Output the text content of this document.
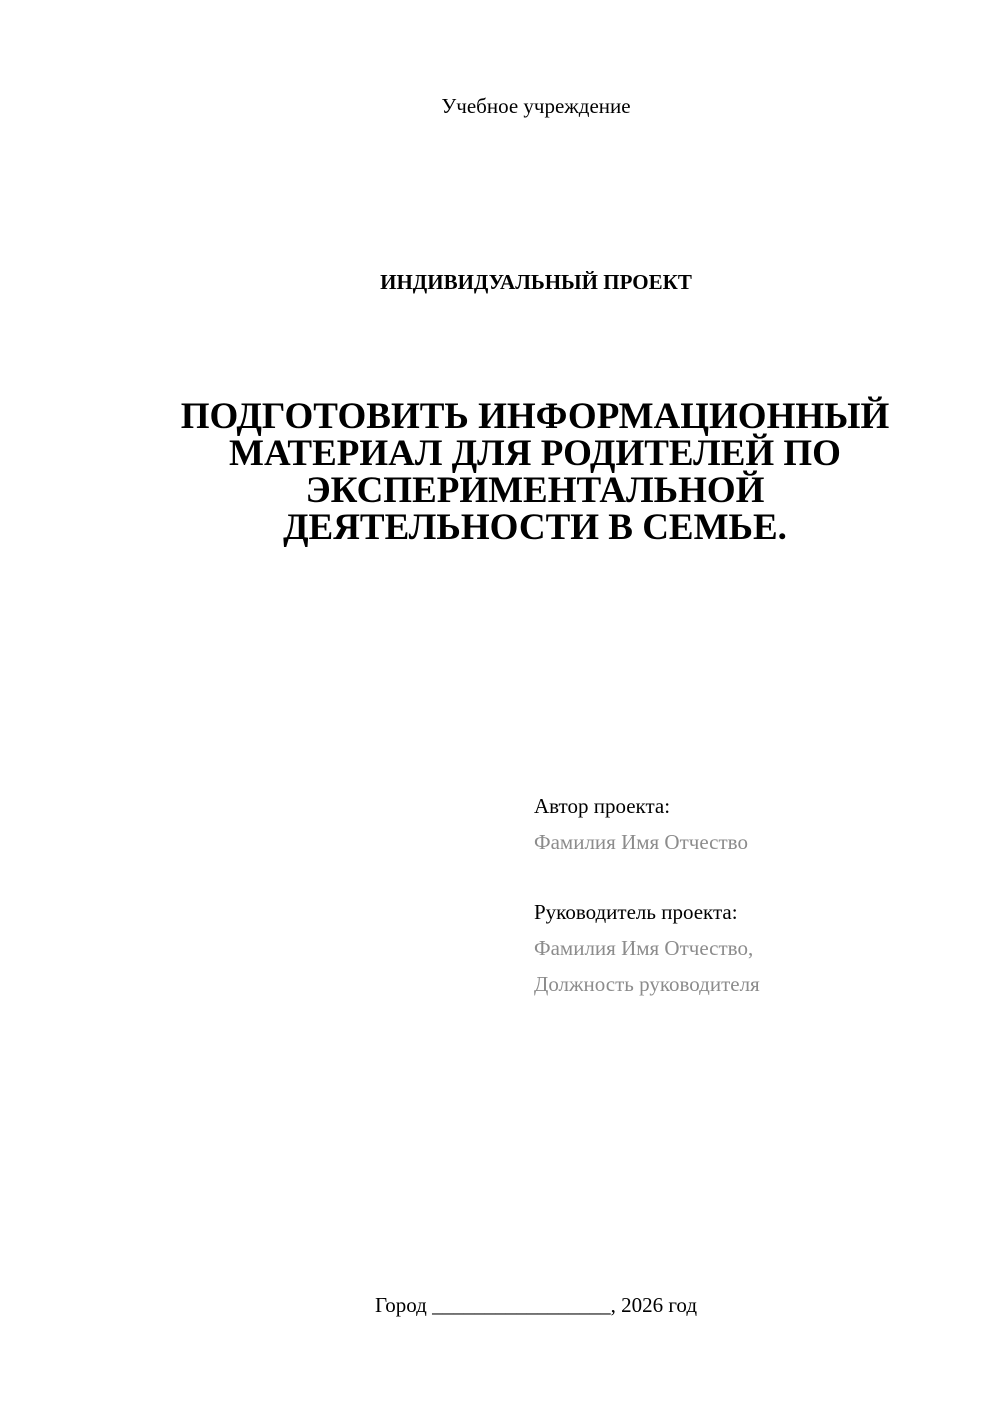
Учебное учреждение
ИНДИВИДУАЛЬНЫЙ ПРОЕКТ
ПОДГОТОВИТЬ ИНФОРМАЦИОННЫЙ
МАТЕРИАЛ ДЛЯ РОДИТЕЛЕЙ ПО
ЭКСПЕРИМЕНТАЛЬНОЙ
ДЕЯТЕЛЬНОСТИ В СЕМЬЕ.
Автор проекта:
Фамилия Имя Отчество
Руководитель проекта:
Фамилия Имя Отчество,
Должность руководителя
Город _________________, 2026 год
